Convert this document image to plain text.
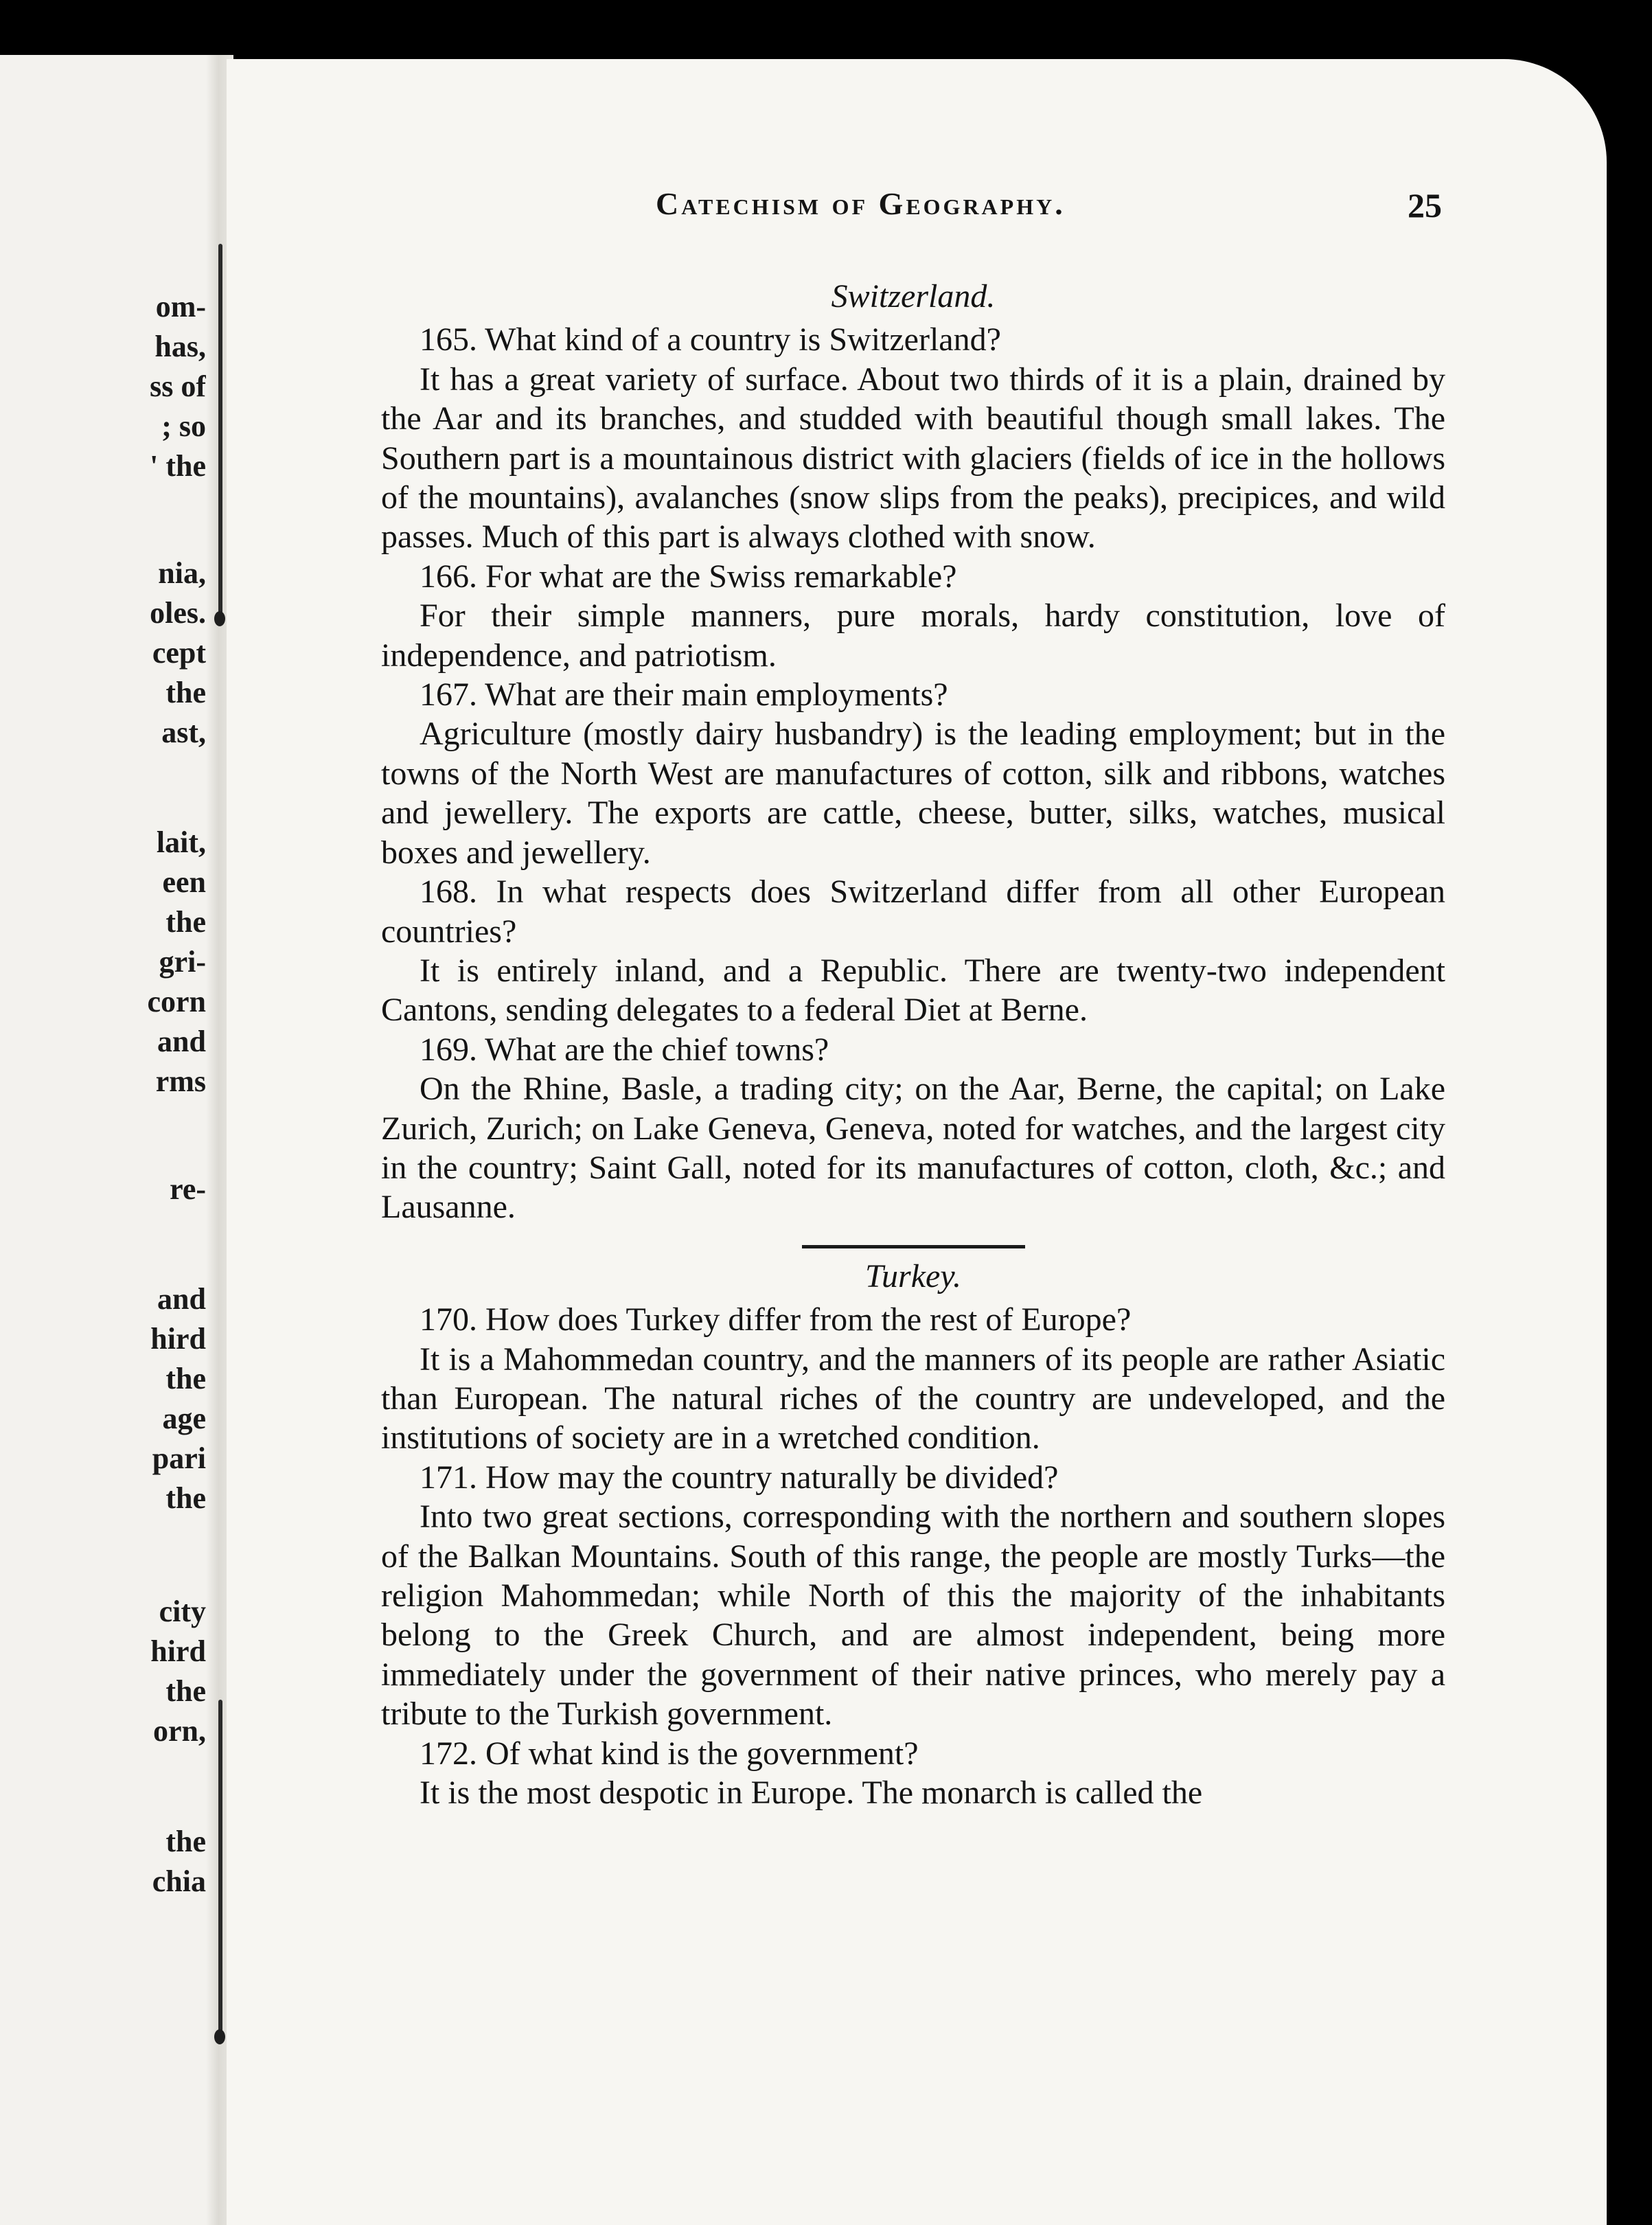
om-
has,
ss of
; so
' the
nia,
oles.
cept
the
ast,
lait,
een
the
gri-
corn
and
rms
re-
and
hird
the
age
pari
the
city
hird
the
orn,
the
chia
Catechism of Geography.	25
Switzerland.

165. What kind of a country is Switzerland?

It has a great variety of surface. About two thirds of it is a plain, drained by the Aar and its branches, and studded with beautiful though small lakes. The Southern part is a mountainous district with glaciers (fields of ice in the hollows of the mountains), avalanches (snow slips from the peaks), precipices, and wild passes. Much of this part is always clothed with snow.

166. For what are the Swiss remarkable?

For their simple manners, pure morals, hardy constitution, love of independence, and patriotism.

167. What are their main employments?

Agriculture (mostly dairy husbandry) is the leading employment; but in the towns of the North West are manufactures of cotton, silk and ribbons, watches and jewellery. The exports are cattle, cheese, butter, silks, watches, musical boxes and jewellery.

168. In what respects does Switzerland differ from all other European countries?

It is entirely inland, and a Republic. There are twenty-two independent Cantons, sending delegates to a federal Diet at Berne.

169. What are the chief towns?

On the Rhine, Basle, a trading city; on the Aar, Berne, the capital; on Lake Zurich, Zurich; on Lake Geneva, Geneva, noted for watches, and the largest city in the country; Saint Gall, noted for its manufactures of cotton, cloth, &c.; and Lausanne.

Turkey.

170. How does Turkey differ from the rest of Europe?

It is a Mahommedan country, and the manners of its people are rather Asiatic than European. The natural riches of the country are undeveloped, and the institutions of society are in a wretched condition.

171. How may the country naturally be divided?

Into two great sections, corresponding with the northern and southern slopes of the Balkan Mountains. South of this range, the people are mostly Turks—the religion Mahommedan; while North of this the majority of the inhabitants belong to the Greek Church, and are almost independent, being more immediately under the government of their native princes, who merely pay a tribute to the Turkish government.

172. Of what kind is the government?

It is the most despotic in Europe. The monarch is called the
